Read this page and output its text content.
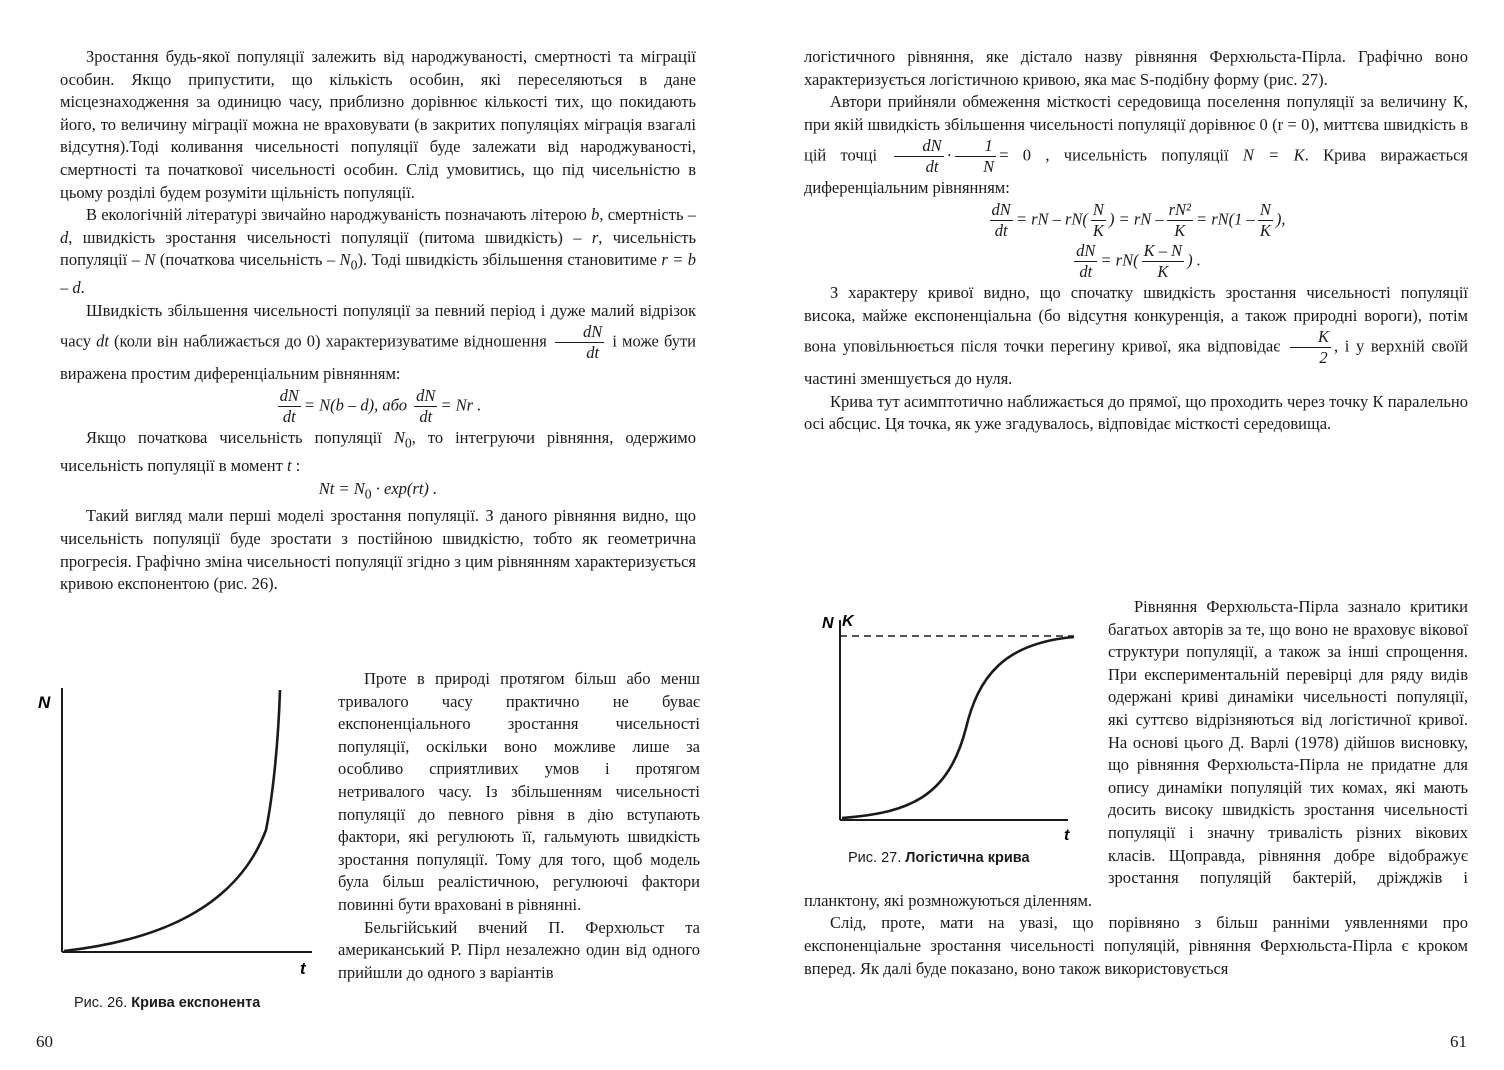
Зростання будь-якої популяції залежить від народжуваності, смертності та міграції особин. Якщо припустити, що кількість особин, які переселяються в дане місцезнаходження за одиницю часу, приблизно дорівнює кількості тих, що покидають його, то величину міграції можна не враховувати (в закритих популяціях міграція взагалі відсутня).Тоді коливання чисельності популяції буде залежати від народжуваності, смертності та початкової чисельності особин. Слід умовитись, що під чисельністю в цьому розділі будем розуміти щільність популяції.

В екологічній літературі звичайно народжуваність позначають літерою b, смертність – d, швидкість зростання чисельності популяції (питома швидкість) – r, чисельність популяції – N (початкова чисельність – $N_0$). Тоді швидкість збільшення становитиме r = b – d.

Швидкість збільшення чисельності популяції за певний період і дуже малий відрізок часу dt (коли він наближається до 0) характеризуватиме відношення $\frac{dN}{dt}$ і може бути виражена простим диференціальним рівнянням:

$\frac{dN}{dt} = N(b - d)$, або $\frac{dN}{dt} = Nr$ .

Якщо початкова чисельність популяції $N_0$, то інтегруючи рівняння, одержимо чисельність популяції в момент t :

$Nt = N_0 \cdot \exp(rt)$ .

Такий вигляд мали перші моделі зростання популяції. З даного рівняння видно, що чисельність популяції буде зростати з постійною швидкістю, тобто як геометрична прогресія. Графічно зміна чисельності популяції згідно з цим рівнянням характеризується кривою експонентою (рис. 26).

N
t
Рис. 26. Крива експонента

Проте в природі протягом більш або менш тривалого часу практично не буває експоненціального зростання чисельності популяції, оскільки воно можливе лише за особливо сприятливих умов і протягом нетривалого часу. Із збільшенням чисельності популяції до певного рівня в дію вступають фактори, які регулюють її, гальмують швидкість зростання популяції. Тому для того, щоб модель була більш реалістичною, регулюючі фактори повинні бути враховані в рівнянні.

Бельгійський вчений П. Ферхюльст та американський Р. Пірл незалежно один від одного прийшли до одного з варіантів

60

логістичного рівняння, яке дістало назву рівняння Ферхюльста-Пірла. Графічно воно характеризується логістичною кривою, яка має S-подібну форму (рис. 27).

Автори прийняли обмеження місткості середовища поселення популяції за величину К, при якій швидкість збільшення чисельності популяції дорівнює 0 (r = 0), миттєва швидкість в цій точці $\frac{dN}{dt} \cdot \frac{1}{N} = 0$ , чисельність популяції N = K. Крива виражається диференціальним рівнянням:

$\frac{dN}{dt}$ = rN – $rN( \frac{N}{K}$ ) = rN – $\frac{\text{rN²}}{K} = rN(1 - \frac{N}{K}$ ),

$\frac{dN}{dt} = rN( \frac{K - N}{K}$ ) .

З характеру кривої видно, що спочатку швидкість зростання чисельності популяції висока, майже експоненціальна (бо відсутня конкуренція, а також природні вороги), потім вона уповільнюється після точки перегину кривої, яка відповідає $\frac{K}{2}$ , і у верхній своїй частині зменшується до нуля.

Крива тут асимптотично наближається до прямої, що проходить через точку К паралельно осі абсцис. Ця точка, як уже згадувалось, відповідає місткості середовища.

N K
t
Рис. 27. Логістична крива

Рівняння Ферхюльста-Пірла зазнало критики багатьох авторів за те, що воно не враховує вікової структури популяції, а також за інші спрощення. При експериментальній перевірці для ряду видів одержані криві динаміки чисельності популяції, які суттєво відрізняються від логістичної кривої. На основі цього Д. Варлі (1978) дійшов висновку, що рівняння Ферхюльста-Пірла не придатне для опису динаміки популяцій тих комах, які мають досить високу швидкість зростання чисельності популяції і значну тривалість різних вікових класів. Щоправда, рівняння добре відображує зростання популяцій бактерій, дріжджів і планктону, які розмножуються діленням.

Слід, проте, мати на увазі, що порівняно з більш ранніми уявленнями про експоненціальне зростання чисельності популяцій, рівняння Ферхюльста-Пірла є кроком вперед. Як далі буде показано, воно також використовується

61
